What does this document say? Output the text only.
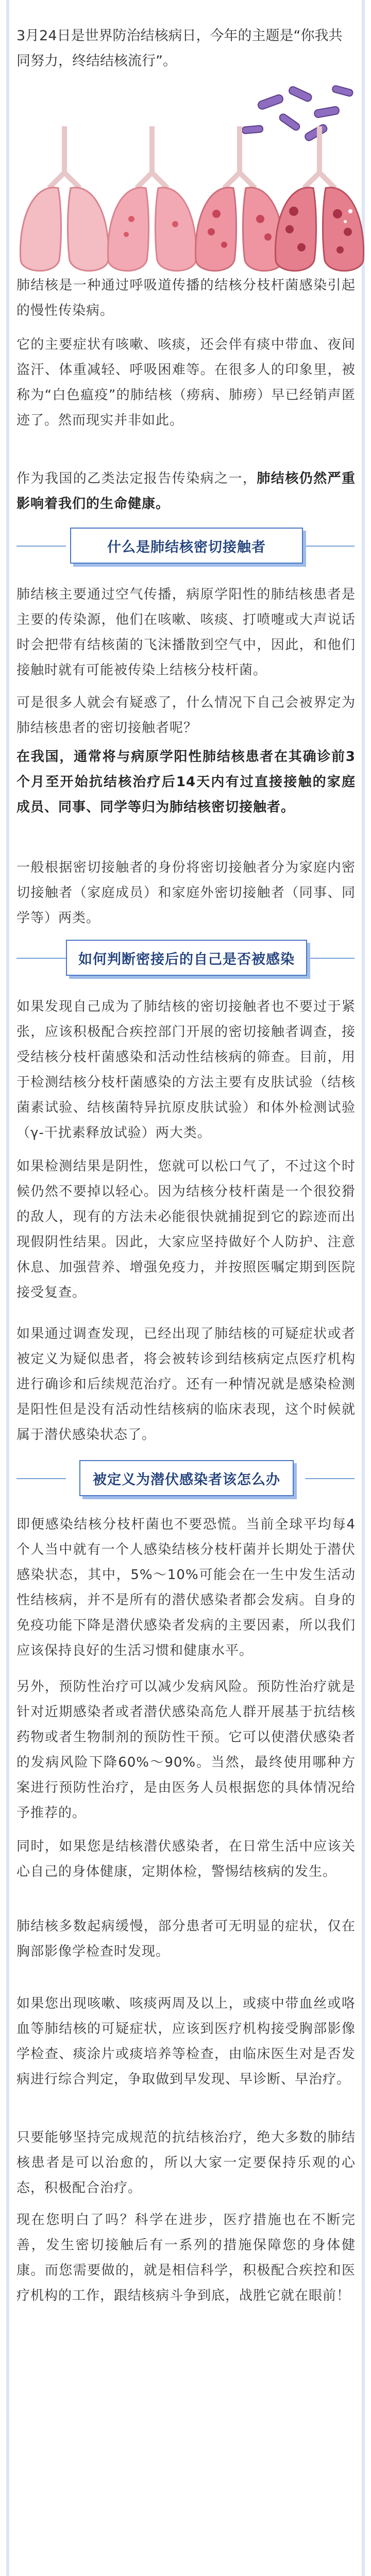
3月24日是世界防治结核病日，今年的主题是“你我共同努力，终结结核流行”。

肺结核是一种通过呼吸道传播的结核分枝杆菌感染引起的慢性传染病。

它的主要症状有咳嗽、咳痰，还会伴有痰中带血、夜间盗汗、体重减轻、呼吸困难等。在很多人的印象里，被称为“白色瘟疫”的肺结核（痨病、肺痨）早已经销声匿迹了。然而现实并非如此。

作为我国的乙类法定报告传染病之一，肺结核仍然严重影响着我们的生命健康。

什么是肺结核密切接触者

肺结核主要通过空气传播，病原学阳性的肺结核患者是主要的传染源，他们在咳嗽、咳痰、打喷嚏或大声说话时会把带有结核菌的飞沫播散到空气中，因此，和他们接触时就有可能被传染上结核分枝杆菌。

可是很多人就会有疑惑了，什么情况下自己会被界定为肺结核患者的密切接触者呢？

在我国，通常将与病原学阳性肺结核患者在其确诊前3个月至开始抗结核治疗后14天内有过直接接触的家庭成员、同事、同学等归为肺结核密切接触者。

一般根据密切接触者的身份将密切接触者分为家庭内密切接触者（家庭成员）和家庭外密切接触者（同事、同学等）两类。

如何判断密接后的自己是否被感染

如果发现自己成为了肺结核的密切接触者也不要过于紧张，应该积极配合疾控部门开展的密切接触者调查，接受结核分枝杆菌感染和活动性结核病的筛查。目前，用于检测结核分枝杆菌感染的方法主要有皮肤试验（结核菌素试验、结核菌特异抗原皮肤试验）和体外检测试验（γ-干扰素释放试验）两大类。

如果检测结果是阴性，您就可以松口气了，不过这个时候仍然不要掉以轻心。因为结核分枝杆菌是一个很狡猾的敌人，现有的方法未必能很快就捕捉到它的踪迹而出现假阴性结果。因此，大家应坚持做好个人防护、注意休息、加强营养、增强免疫力，并按照医嘱定期到医院接受复查。

如果通过调查发现，已经出现了肺结核的可疑症状或者被定义为疑似患者，将会被转诊到结核病定点医疗机构进行确诊和后续规范治疗。还有一种情况就是感染检测是阳性但是没有活动性结核病的临床表现，这个时候就属于潜伏感染状态了。

被定义为潜伏感染者该怎么办

即便感染结核分枝杆菌也不要恐慌。当前全球平均每4个人当中就有一个人感染结核分枝杆菌并长期处于潜伏感染状态，其中，5%～10%可能会在一生中发生活动性结核病，并不是所有的潜伏感染者都会发病。自身的免疫功能下降是潜伏感染者发病的主要因素，所以我们应该保持良好的生活习惯和健康水平。

另外，预防性治疗可以减少发病风险。预防性治疗就是针对近期感染者或者潜伏感染高危人群开展基于抗结核药物或者生物制剂的预防性干预。它可以使潜伏感染者的发病风险下降60%～90%。当然，最终使用哪种方案进行预防性治疗，是由医务人员根据您的具体情况给予推荐的。

同时，如果您是结核潜伏感染者，在日常生活中应该关心自己的身体健康，定期体检，警惕结核病的发生。

肺结核多数起病缓慢，部分患者可无明显的症状，仅在胸部影像学检查时发现。

如果您出现咳嗽、咳痰两周及以上，或痰中带血丝或咯血等肺结核的可疑症状，应该到医疗机构接受胸部影像学检查、痰涂片或痰培养等检查，由临床医生对是否发病进行综合判定，争取做到早发现、早诊断、早治疗。

只要能够坚持完成规范的抗结核治疗，绝大多数的肺结核患者是可以治愈的，所以大家一定要保持乐观的心态，积极配合治疗。

现在您明白了吗？科学在进步，医疗措施也在不断完善，发生密切接触后有一系列的措施保障您的身体健康。而您需要做的，就是相信科学，积极配合疾控和医疗机构的工作，跟结核病斗争到底，战胜它就在眼前！
